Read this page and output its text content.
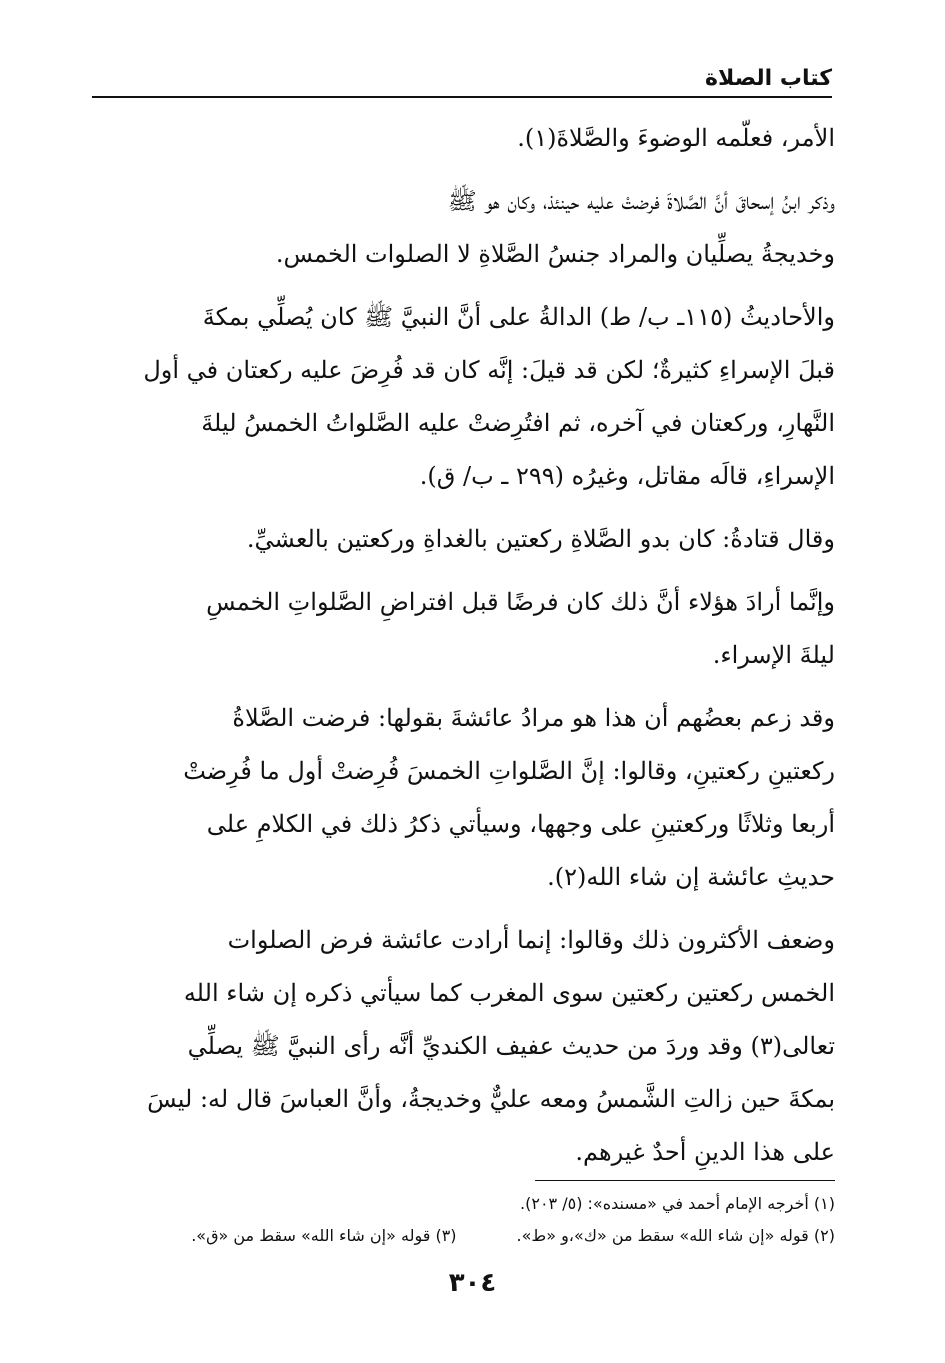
كتاب الصلاة

الأمر، فعلّمه الوضوءَ والصَّلاةَ(١).

وذكر ابنُ إسحاقَ أنَّ الصَّلاةَ فرضتْ عليه حينئذ، وكان هو ﷺ
وخديجةُ يصلِّيان والمراد جنسُ الصَّلاةِ لا الصلوات الخمس.

والأحاديثُ (١١٥ـ ب/ ط) الدالةُ على أنَّ النبيَّ ﷺ كان يُصلِّي بمكةَ
قبلَ الإسراءِ كثيرةٌ؛ لكن قد قيلَ: إنَّه كان قد فُرِضَ عليه ركعتان في أول
النَّهارِ، وركعتان في آخره، ثم افتُرِضتْ عليه الصَّلواتُ الخمسُ ليلةَ
الإسراءِ، قالَه مقاتل، وغيرُه (٢٩٩ ـ ب/ ق).

وقال قتادةُ: كان بدو الصَّلاةِ ركعتين بالغداةِ وركعتين بالعشيِّ.

وإنَّما أرادَ هؤلاء أنَّ ذلك كان فرضًا قبل افتراضِ الصَّلواتِ الخمسِ
ليلةَ الإسراء.

وقد زعم بعضُهم أن هذا هو مرادُ عائشةَ بقولها: فرضت الصَّلاةُ
ركعتينِ ركعتينِ، وقالوا: إنَّ الصَّلواتِ الخمسَ فُرِضتْ أول ما فُرِضتْ
أربعا وثلاثًا وركعتينِ على وجهها، وسيأتي ذكرُ ذلك في الكلامِ على
حديثِ عائشة إن شاء الله(٢).

وضعف الأكثرون ذلك وقالوا: إنما أرادت عائشة فرض الصلوات
الخمس ركعتين ركعتين سوى المغرب كما سيأتي ذكره إن شاء الله
تعالى(٣) وقد وردَ من حديث عفيف الكنديِّ أنَّه رأى النبيَّ ﷺ يصلِّي
بمكةَ حين زالتِ الشَّمسُ ومعه عليٌّ وخديجةُ، وأنَّ العباسَ قال له: ليسَ
على هذا الدينِ أحدٌ غيرهم.

(١) أخرجه الإمام أحمد في «مسنده»: (٥/ ٢٠٣).
(٢) قوله «إن شاء الله» سقط من «ك»،و «ط».(٣) قوله «إن شاء الله» سقط من «ق».
٣٠٤
